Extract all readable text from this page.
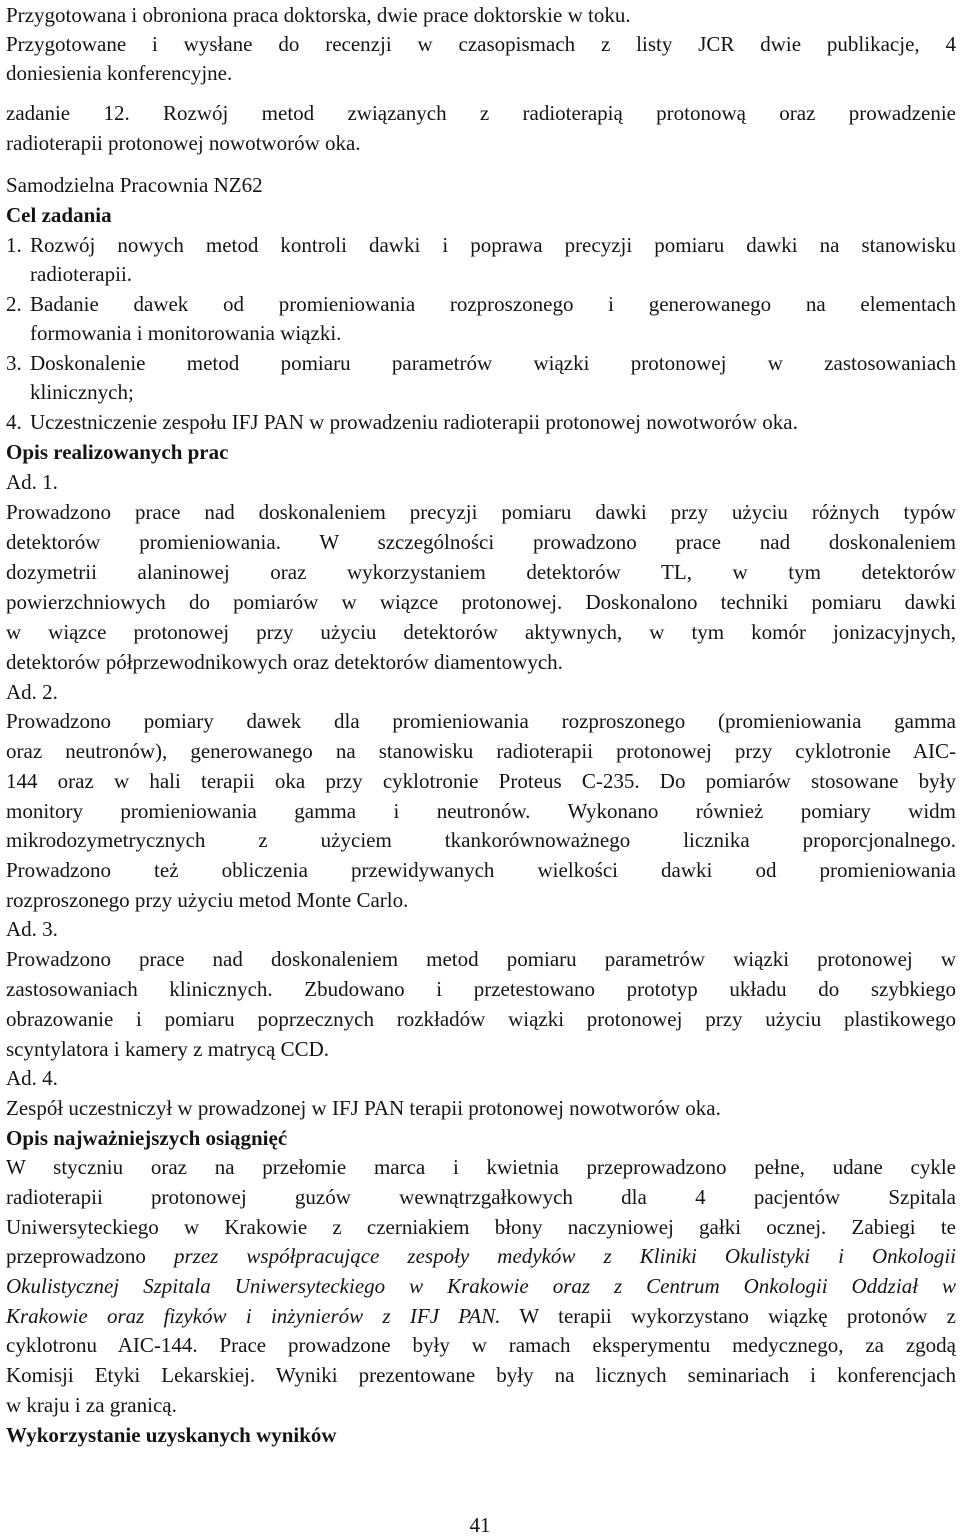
Przygotowana i obroniona praca doktorska, dwie prace doktorskie w toku.
Przygotowane i wysłane do recenzji w czasopismach z listy JCR dwie publikacje, 4
doniesienia konferencyjne.
zadanie 12. Rozwój metod związanych z radioterapią protonową oraz prowadzenie
radioterapii protonowej nowotworów oka.
Samodzielna Pracownia NZ62
Cel zadania
1. Rozwój nowych metod kontroli dawki i poprawa precyzji pomiaru dawki na stanowisku
radioterapii.
2. Badanie dawek od promieniowania rozproszonego i generowanego na elementach
formowania i monitorowania wiązki.
3. Doskonalenie metod pomiaru parametrów wiązki protonowej w zastosowaniach
klinicznych;
4. Uczestniczenie zespołu IFJ PAN w prowadzeniu radioterapii protonowej nowotworów oka.
Opis realizowanych prac
Ad. 1.
Prowadzono prace nad doskonaleniem precyzji pomiaru dawki przy użyciu różnych typów
detektorów promieniowania. W szczególności prowadzono prace nad doskonaleniem
dozymetrii alaninowej oraz wykorzystaniem detektorów TL, w tym detektorów
powierzchniowych do pomiarów w wiązce protonowej. Doskonalono techniki pomiaru dawki
w wiązce protonowej przy użyciu detektorów aktywnych, w tym komór jonizacyjnych,
detektorów półprzewodnikowych oraz detektorów diamentowych.
Ad. 2.
Prowadzono pomiary dawek dla promieniowania rozproszonego (promieniowania gamma
oraz neutronów), generowanego na stanowisku radioterapii protonowej przy cyklotronie AIC-
144 oraz w hali terapii oka przy cyklotronie Proteus C-235. Do pomiarów stosowane były
monitory promieniowania gamma i neutronów. Wykonano również pomiary widm
mikrodozymetrycznych z użyciem tkankorównoważnego licznika proporcjonalnego.
Prowadzono też obliczenia przewidywanych wielkości dawki od promieniowania
rozproszonego przy użyciu metod Monte Carlo.
Ad. 3.
Prowadzono prace nad doskonaleniem metod pomiaru parametrów wiązki protonowej w
zastosowaniach klinicznych. Zbudowano i przetestowano prototyp układu do szybkiego
obrazowanie i pomiaru poprzecznych rozkładów wiązki protonowej przy użyciu plastikowego
scyntylatora i kamery z matrycą CCD.
Ad. 4.
Zespół uczestniczył w prowadzonej w IFJ PAN terapii protonowej nowotworów oka.
Opis najważniejszych osiągnięć
W styczniu oraz na przełomie marca i kwietnia przeprowadzono pełne, udane cykle
radioterapii protonowej guzów wewnątrzgałkowych dla 4 pacjentów Szpitala
Uniwersyteckiego w Krakowie z czerniakiem błony naczyniowej gałki ocznej. Zabiegi te
przeprowadzono przez współpracujące zespoły medyków z Kliniki Okulistyki i Onkologii
Okulistycznej Szpitala Uniwersyteckiego w Krakowie oraz z Centrum Onkologii Oddział w
Krakowie oraz fizyków i inżynierów z IFJ PAN. W terapii wykorzystano wiązkę protonów z
cyklotronu AIC-144. Prace prowadzone były w ramach eksperymentu medycznego, za zgodą
Komisji Etyki Lekarskiej. Wyniki prezentowane były na licznych seminariach i konferencjach
w kraju i za granicą.
Wykorzystanie uzyskanych wyników
41
